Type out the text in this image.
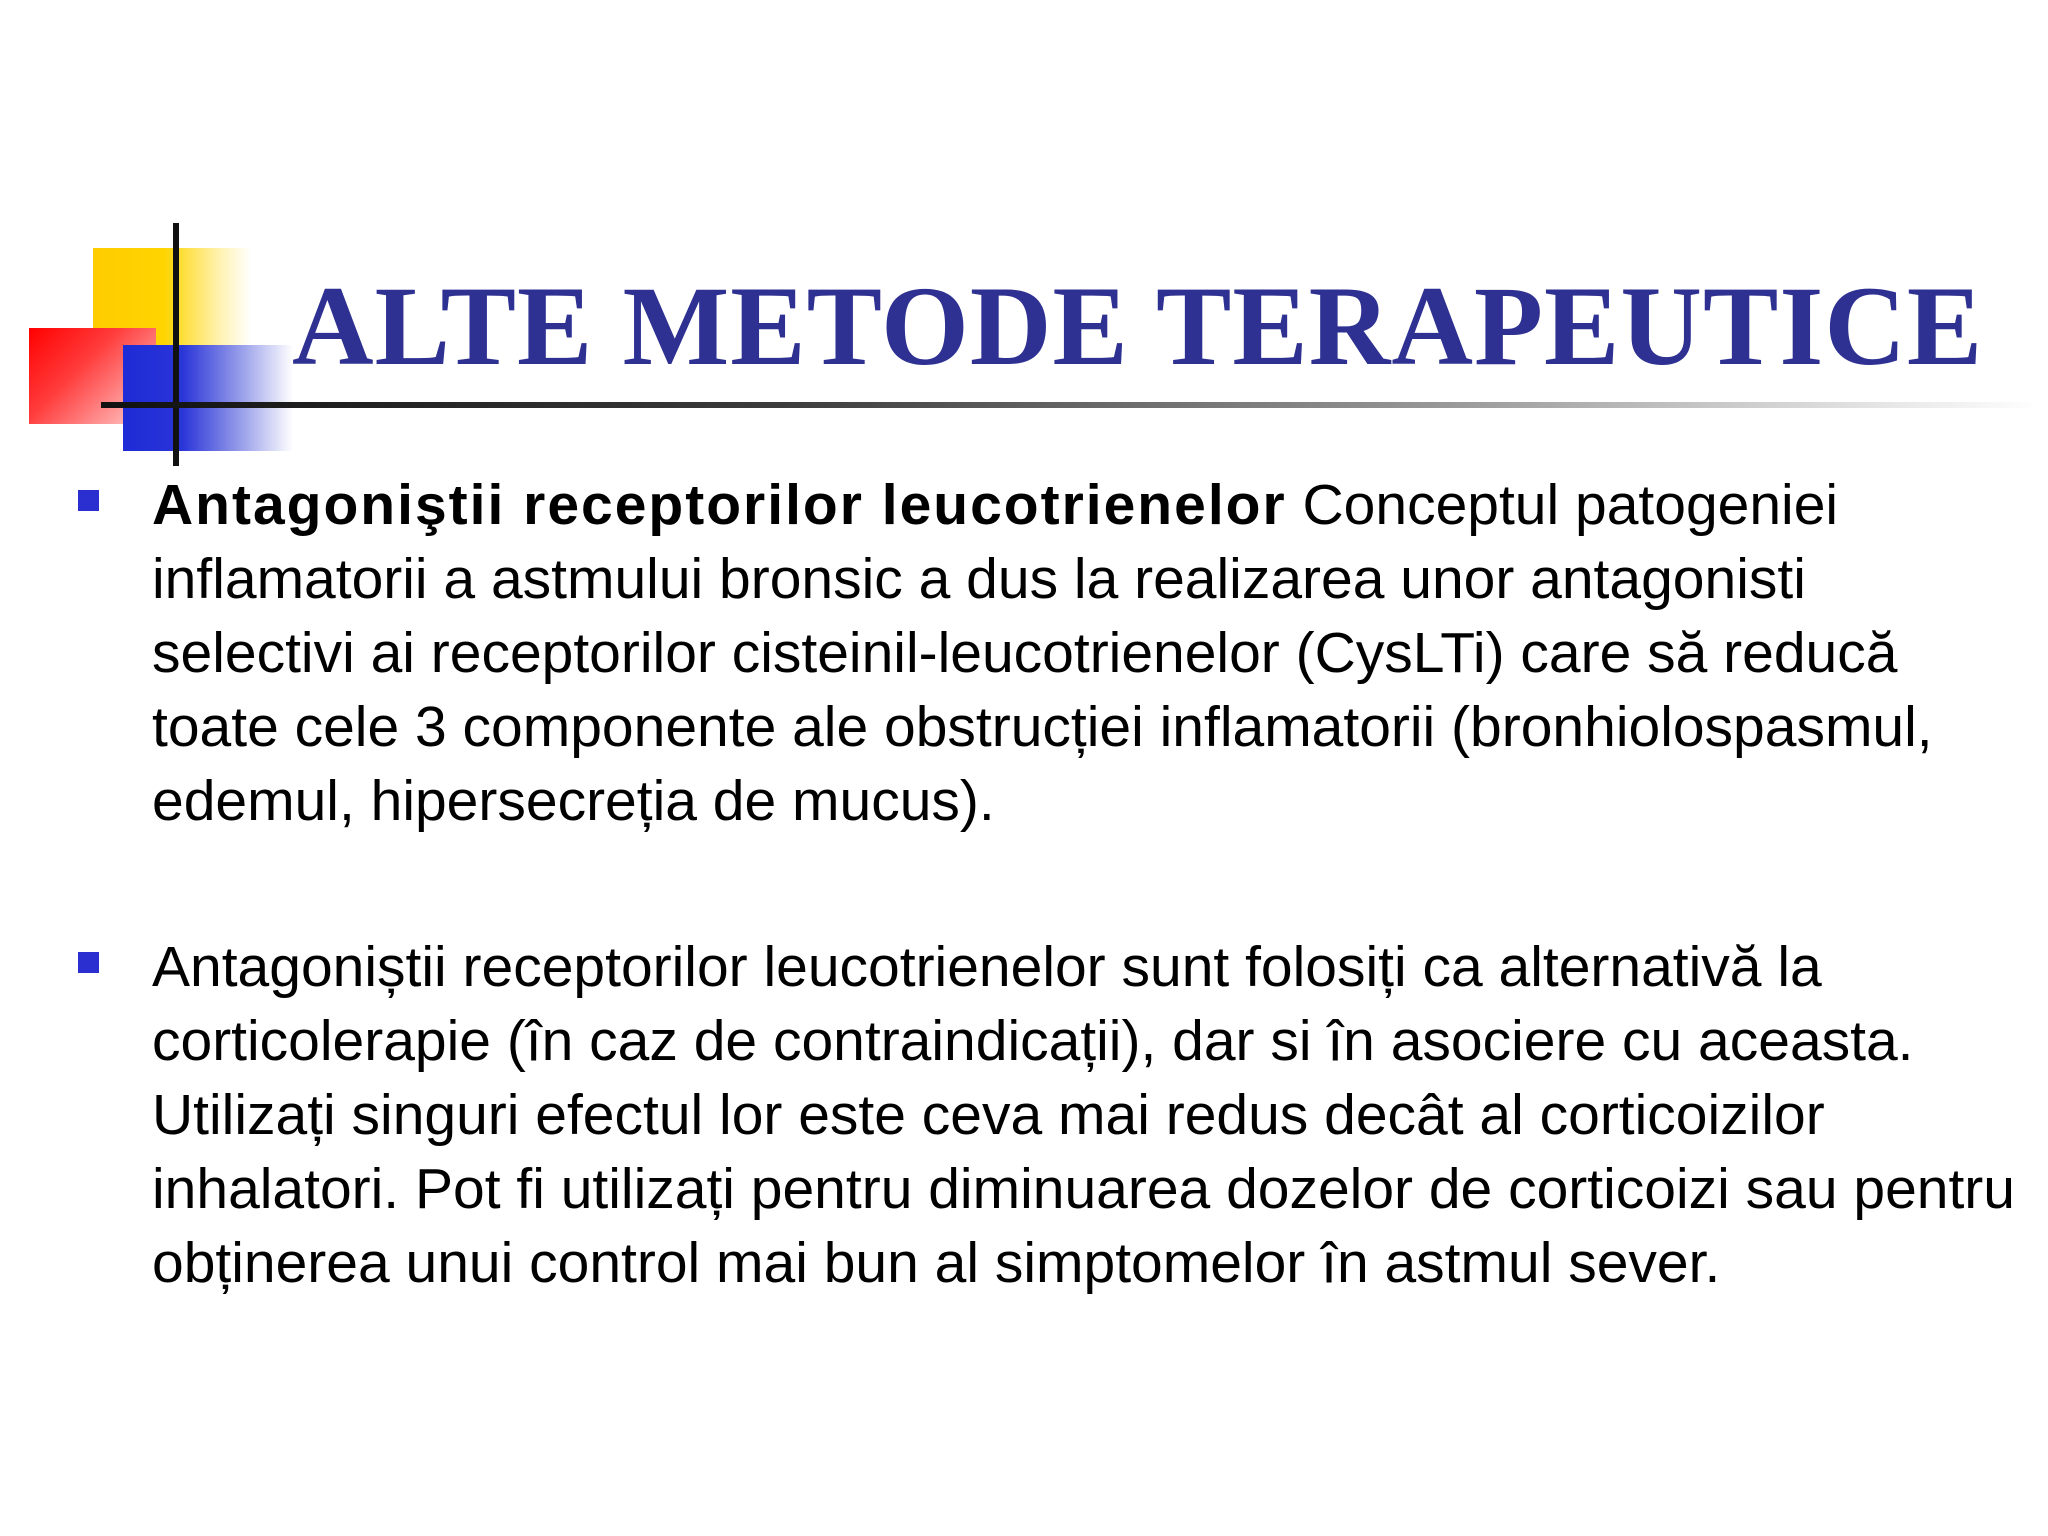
ALTE METODE TERAPEUTICE

Antagoniştii receptorilor leucotrienelor Conceptul patogeniei inflamatorii a astmului bronsic a dus la realizarea unor antagonisti selectivi ai receptorilor cisteinil-leucotrienelor (CysLTi) care să reducă toate cele 3 componente ale obstrucției inflamatorii (bronhiolospasmul, edemul, hipersecreția de mucus).

Antagoniștii receptorilor leucotrienelor sunt folosiți ca alternativă la corticolerapie (în caz de contraindicații), dar si în asociere cu aceasta. Utilizați singuri efectul lor este ceva mai redus decât al corticoizilor inhalatori. Pot fi utilizați pentru diminuarea dozelor de corticoizi sau pentru obținerea unui control mai bun al simptomelor în astmul sever.
